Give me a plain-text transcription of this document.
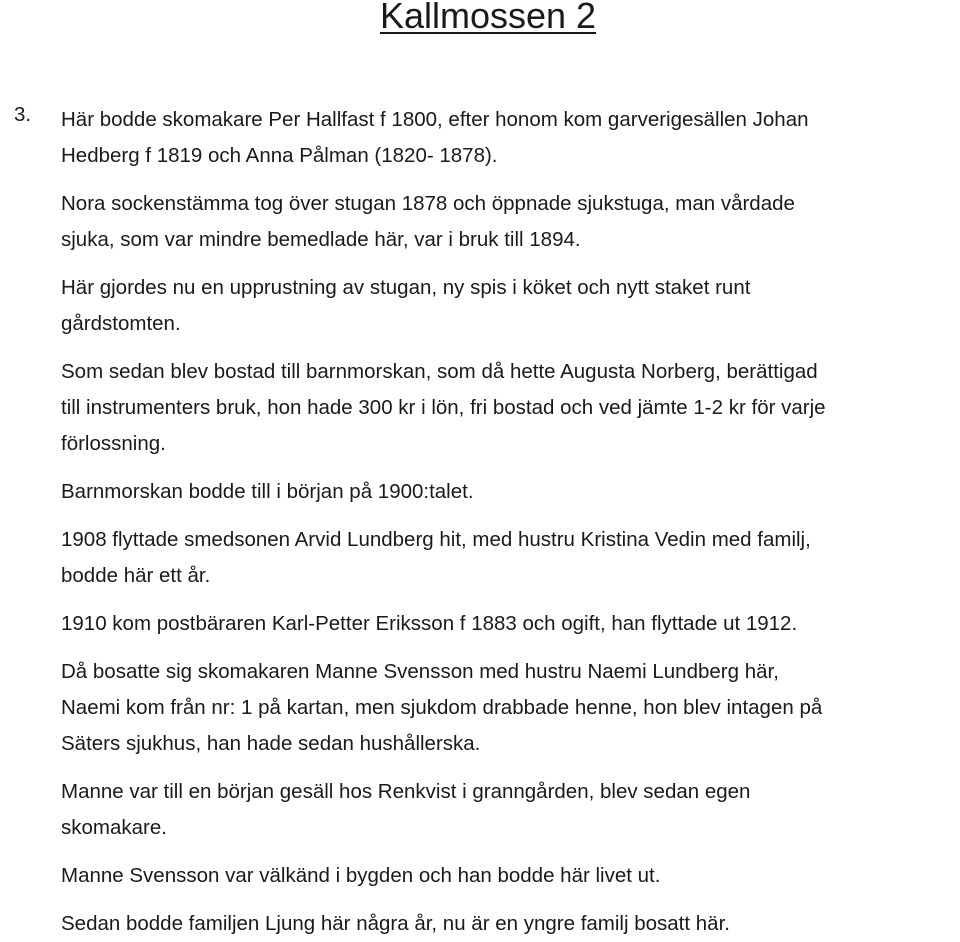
Kallmossen 2
3. Här bodde skomakare Per Hallfast f 1800, efter honom kom garverigesällen Johan
Hedberg f 1819 och Anna Pålman (1820- 1878).

Nora sockenstämma tog över stugan 1878 och öppnade sjukstuga, man vårdade
sjuka, som var mindre bemedlade här, var i bruk till 1894.

Här gjordes nu en upprustning av stugan, ny spis i köket och nytt staket runt
gårdstomten.

Som sedan blev bostad till barnmorskan, som då hette Augusta Norberg, berättigad
till instrumenters bruk, hon hade 300 kr i lön, fri bostad och ved jämte 1-2 kr för varje
förlossning.

Barnmorskan bodde till i början på 1900:talet.

1908 flyttade smedsonen Arvid Lundberg hit, med hustru Kristina Vedin med familj,
bodde här ett år.

1910 kom postbäraren Karl-Petter Eriksson f 1883 och ogift, han flyttade ut 1912.

Då bosatte sig skomakaren Manne Svensson med hustru Naemi Lundberg här,
Naemi kom från nr: 1 på kartan, men sjukdom drabbade henne, hon blev intagen på
Säters sjukhus, han hade sedan hushållerska.

Manne var till en början gesäll hos Renkvist i granngården, blev sedan egen
skomakare.

Manne Svensson var välkänd i bygden och han bodde här livet ut.

Sedan bodde familjen Ljung här några år, nu är en yngre familj bosatt här.
